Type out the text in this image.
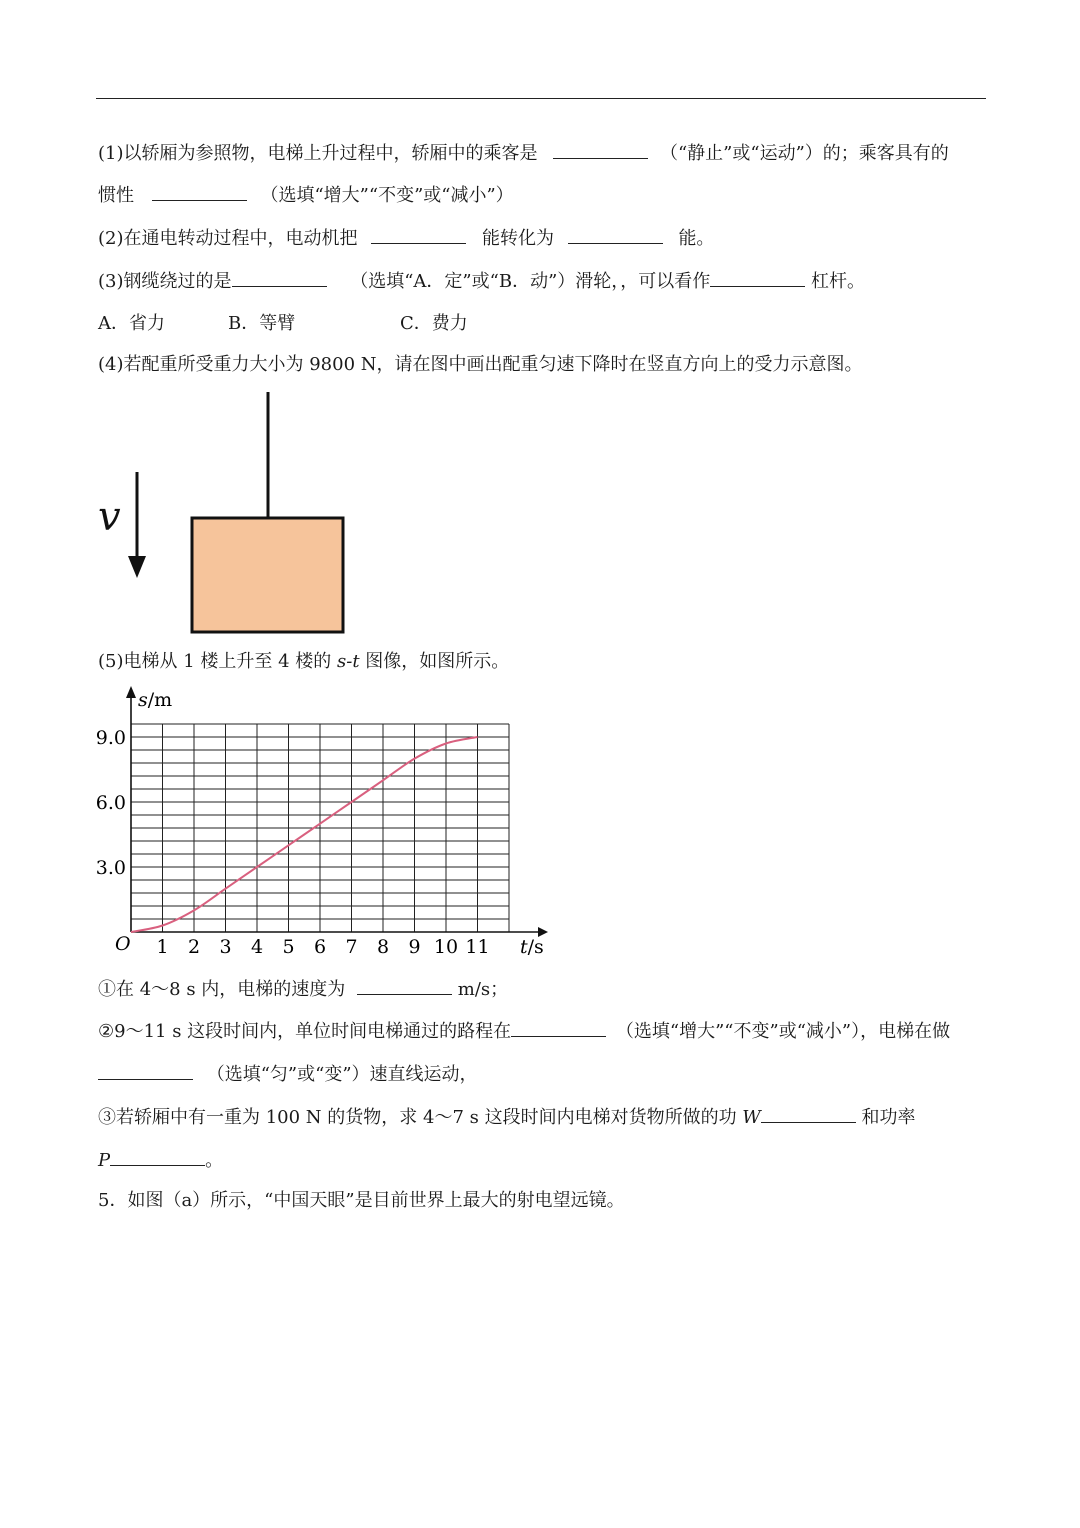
(1)以轿厢为参照物，电梯上升过程中，轿厢中的乘客是	（“静止”或“运动”）的；乘客具有的
惯性	（选填“增大”“不变”或“减小”）
(2)在通电转动过程中，电动机把	能转化为	能。
(3)钢缆绕过的是	（选填“A．定”或“B．动”）滑轮，，可以看作	杠杆。
A．省力	B．等臂	C．费力
(4)若配重所受重力大小为 9800 N，请在图中画出配重匀速下降时在竖直方向上的受力示意图。
v
(5)电梯从 1 楼上升至 4 楼的 s-t 图像，如图所示。
1 2 3 4 5 6 7 8 9 10 11
3.0
6.0
9.0
O	t/s
s/m
①在 4～8 s 内，电梯的速度为	m/s；
②9～11 s 这段时间内，单位时间电梯通过的路程在	（选填“增大”“不变”或“减小”），电梯在做
（选填“匀”或“变”）速直线运动，
③若轿厢中有一重为 100 N 的货物，求 4～7 s 这段时间内电梯对货物所做的功 W	和功率
P	。
5．如图（a）所示，“中国天眼”是目前世界上最大的射电望远镜。
